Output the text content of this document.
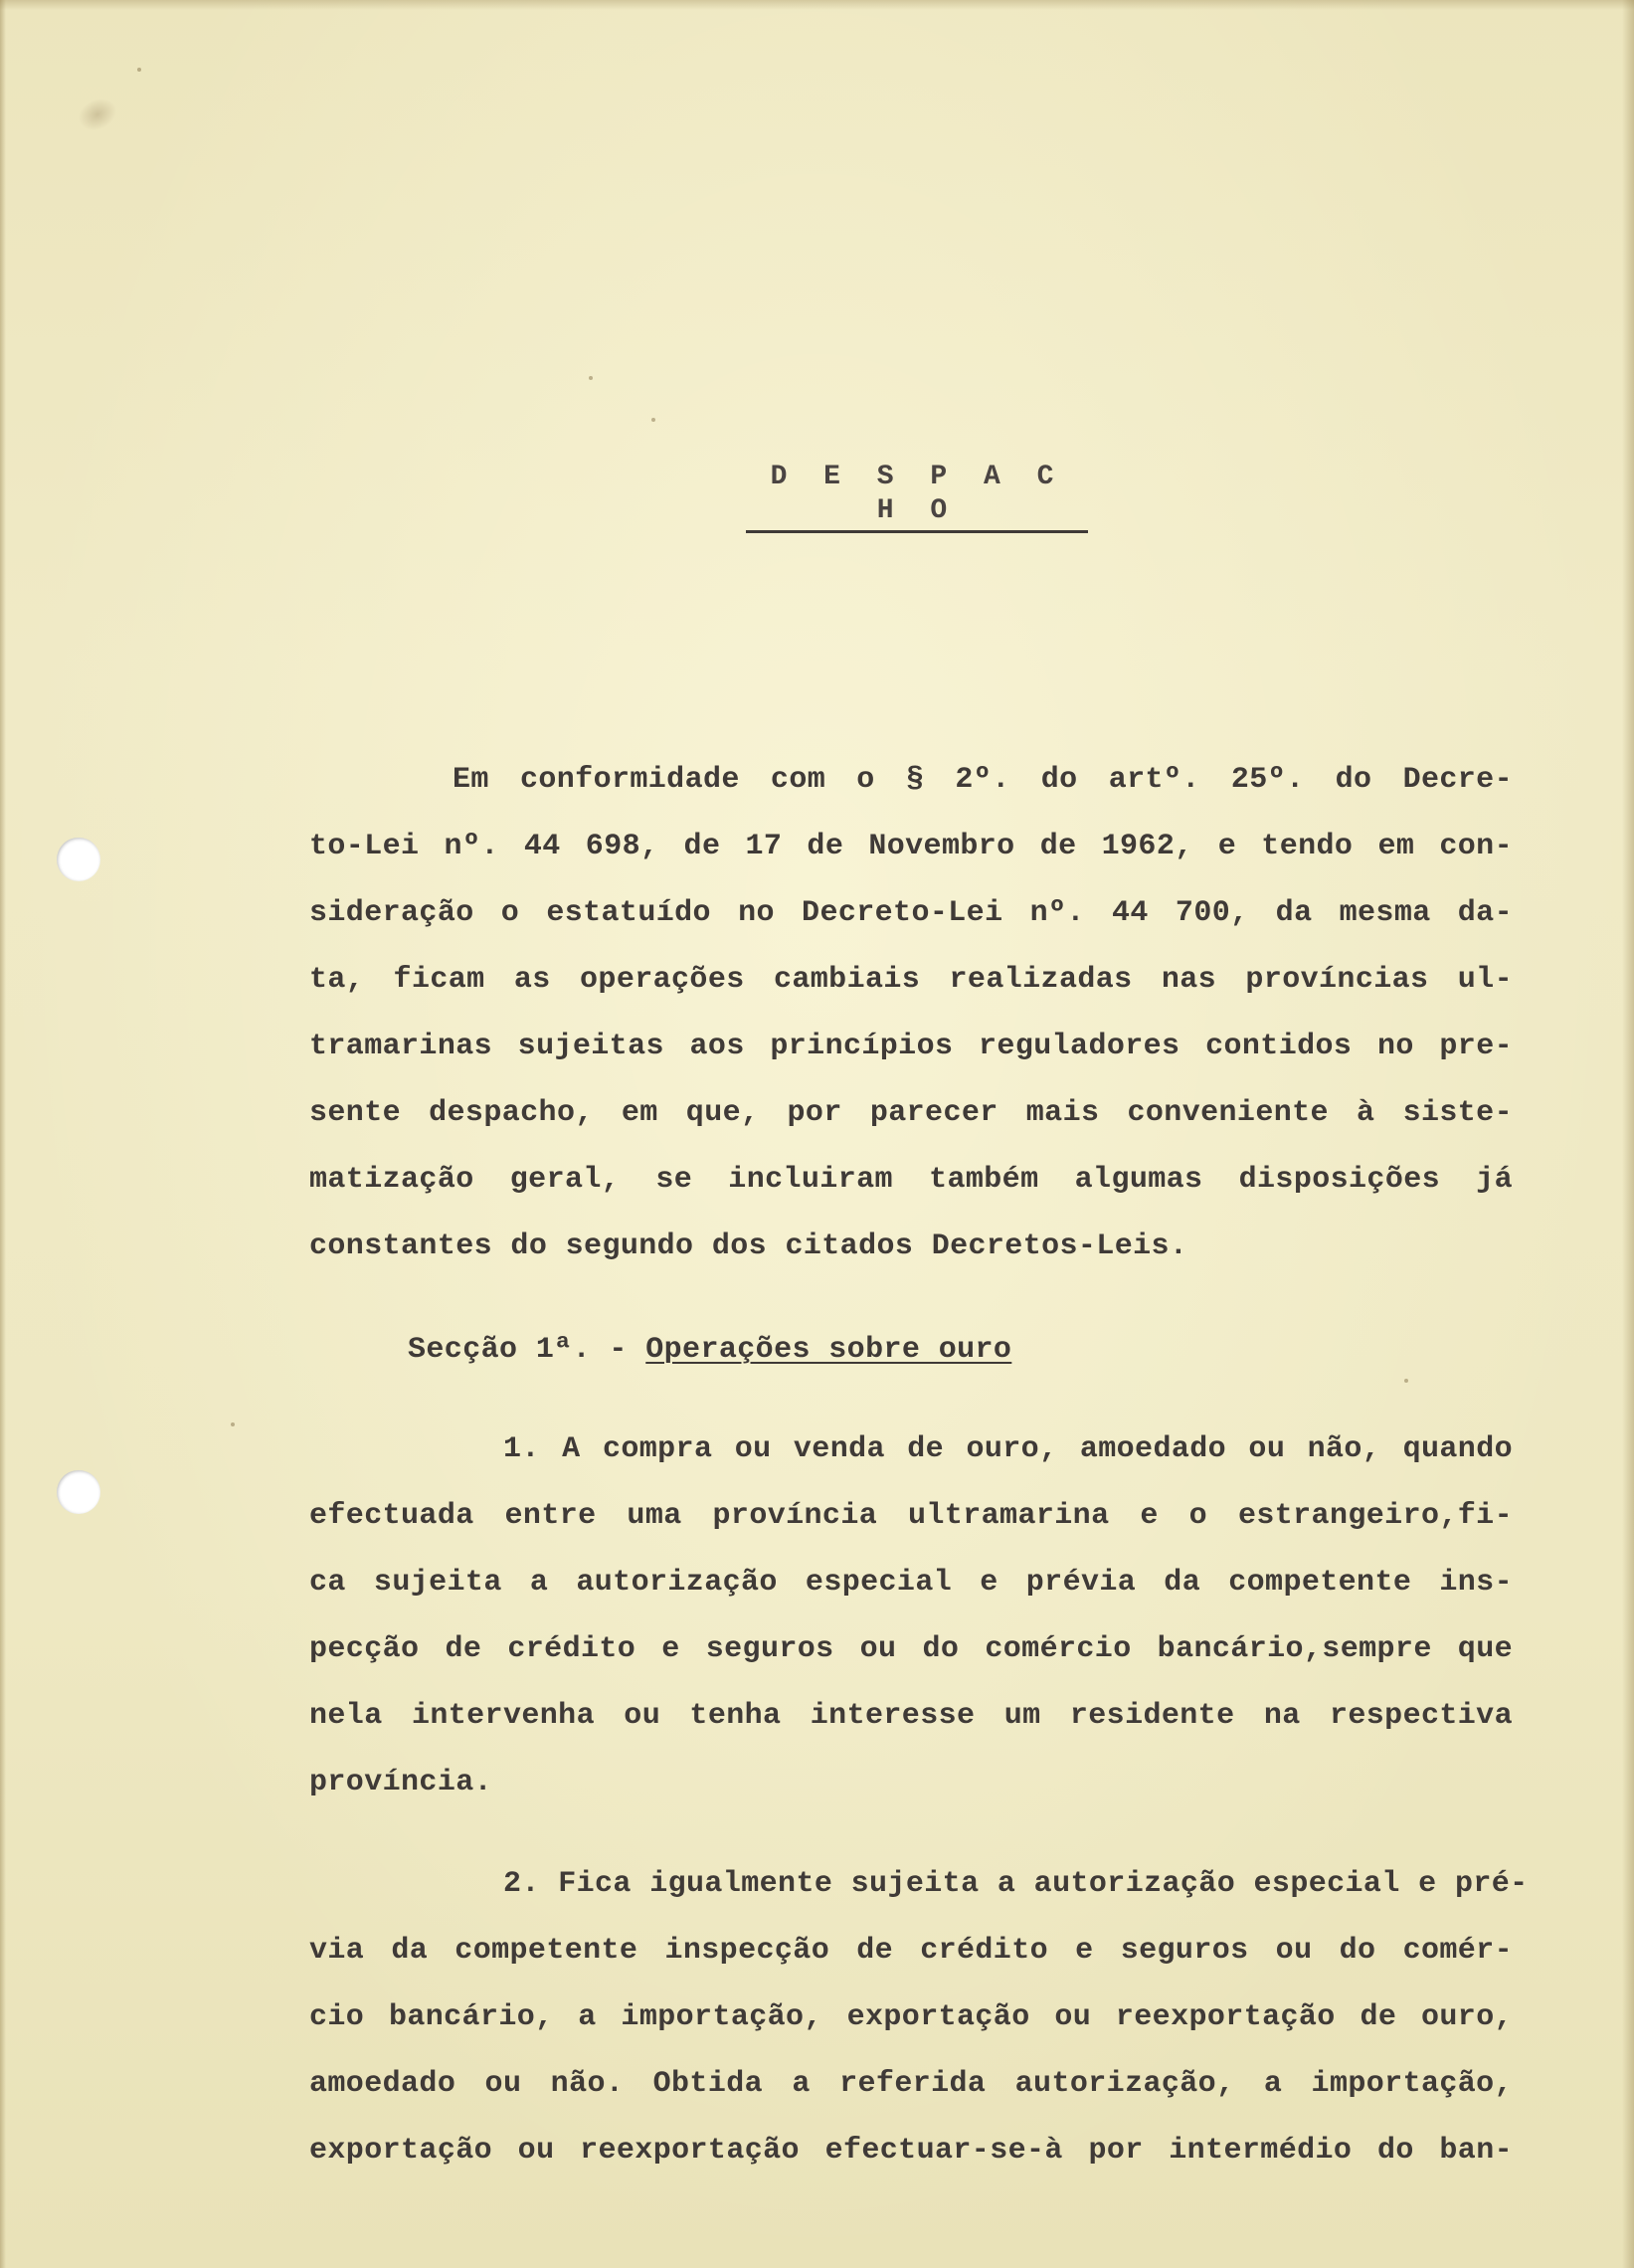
D E S P A C H O
Em conformidade com o § 2º. do artº. 25º. do Decre-
to-Lei nº. 44 698, de 17 de Novembro de 1962, e tendo em con-
sideração o estatuído no Decreto-Lei nº. 44 700, da mesma da-
ta, ficam as operações cambiais realizadas nas províncias ul-
tramarinas sujeitas aos princípios reguladores contidos no pre-
sente despacho, em que, por parecer mais conveniente à siste-
matização geral, se incluiram também algumas disposições já
constantes do segundo dos citados Decretos-Leis.
Secção 1ª. - Operações sobre ouro
1. A compra ou venda de ouro, amoedado ou não, quando
efectuada entre uma província ultramarina e o estrangeiro,fi-
ca sujeita a autorização especial e prévia da competente ins-
pecção de crédito e seguros ou do comércio bancário,sempre que
nela intervenha ou tenha interesse um residente na respectiva
província.
2. Fica igualmente sujeita a autorização especial e pré-
via da competente inspecção de crédito e seguros ou do comér-
cio bancário, a importação, exportação ou reexportação de ouro,
amoedado ou não. Obtida a referida autorização, a importação,
exportação ou reexportação efectuar-se-à por intermédio do ban-
